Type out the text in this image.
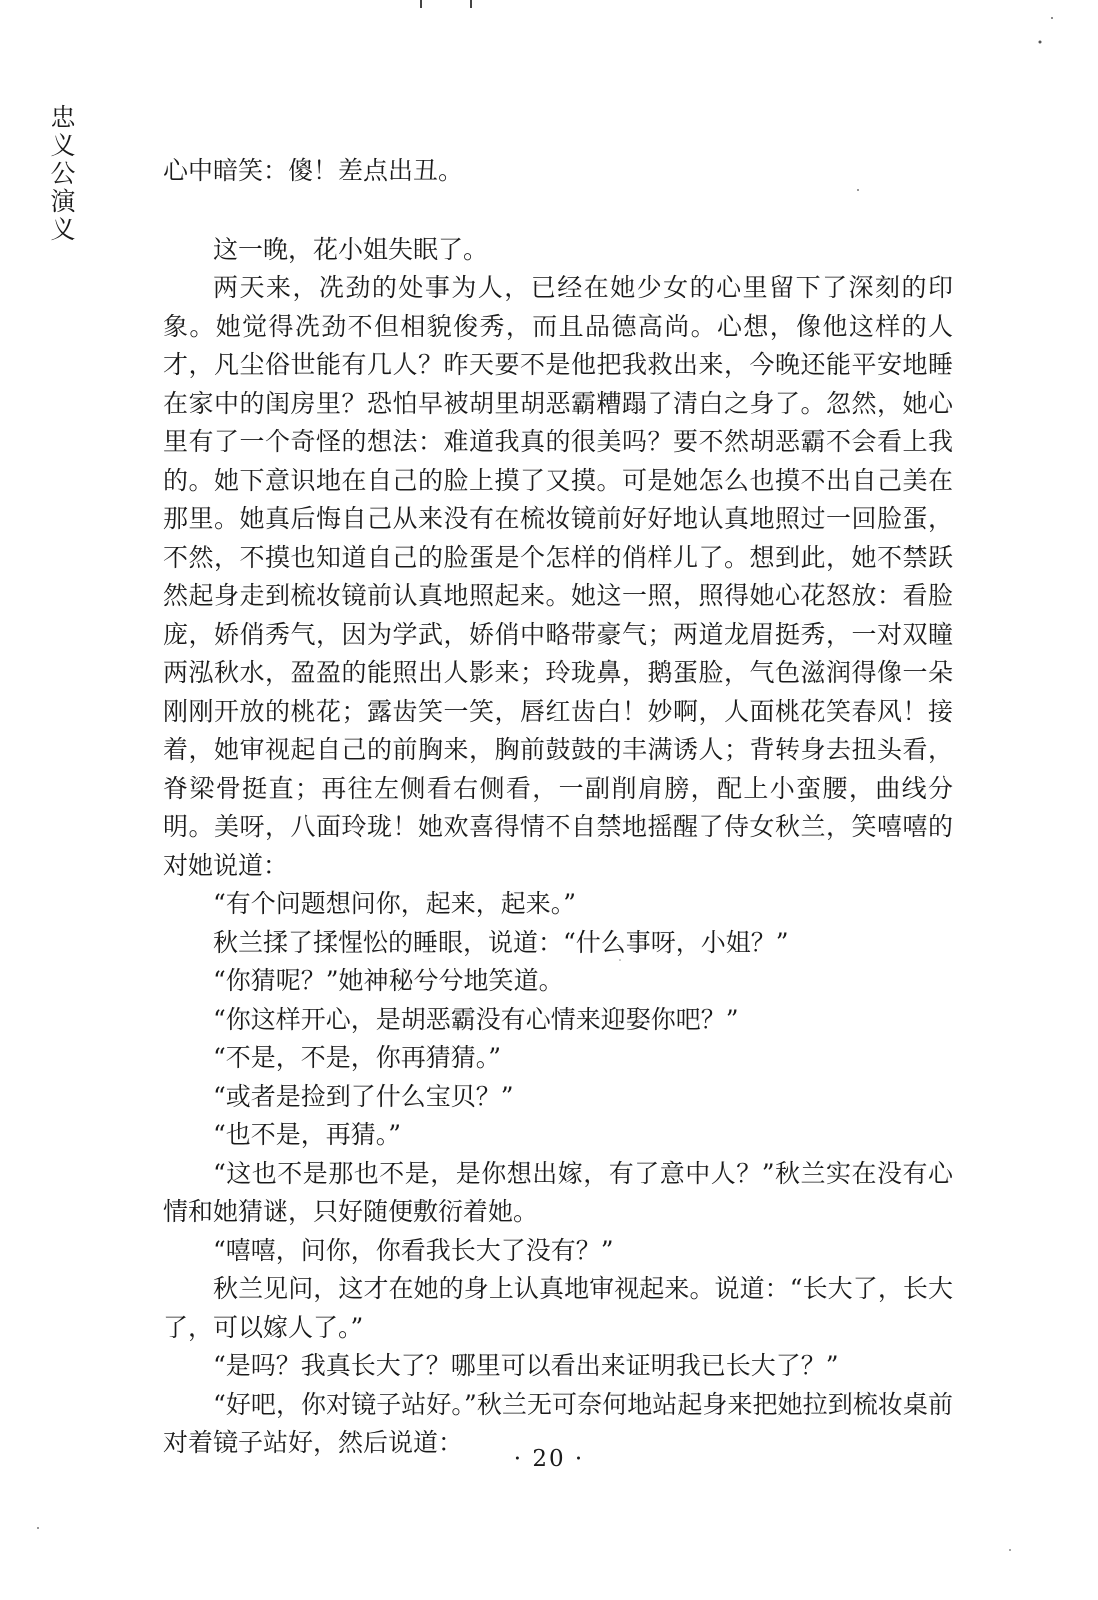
忠
义
公
演
义

心中暗笑：傻！差点出丑。

这一晚，花小姐失眠了。

两天来，冼劲的处事为人，已经在她少女的心里留下了深刻的印象。她觉得冼劲不但相貌俊秀，而且品德高尚。心想，像他这样的人才，凡尘俗世能有几人？昨天要不是他把我救出来，今晚还能平安地睡在家中的闺房里？恐怕早被胡里胡恶霸糟蹋了清白之身了。忽然，她心里有了一个奇怪的想法：难道我真的很美吗？要不然胡恶霸不会看上我的。她下意识地在自己的脸上摸了又摸。可是她怎么也摸不出自己美在那里。她真后悔自己从来没有在梳妆镜前好好地认真地照过一回脸蛋，不然，不摸也知道自己的脸蛋是个怎样的俏样儿了。想到此，她不禁跃然起身走到梳妆镜前认真地照起来。她这一照，照得她心花怒放：看脸庞，娇俏秀气，因为学武，娇俏中略带豪气；两道龙眉挺秀，一对双瞳两泓秋水，盈盈的能照出人影来；玲珑鼻，鹅蛋脸，气色滋润得像一朵刚刚开放的桃花；露齿笑一笑，唇红齿白！妙啊，人面桃花笑春风！接着，她审视起自己的前胸来，胸前鼓鼓的丰满诱人；背转身去扭头看，脊梁骨挺直；再往左侧看右侧看，一副削肩膀，配上小蛮腰，曲线分明。美呀，八面玲珑！她欢喜得情不自禁地摇醒了侍女秋兰，笑嘻嘻的对她说道：

“有个问题想问你，起来，起来。”

秋兰揉了揉惺忪的睡眼，说道：“什么事呀，小姐？”

“你猜呢？”她神秘兮兮地笑道。

“你这样开心，是胡恶霸没有心情来迎娶你吧？”

“不是，不是，你再猜猜。”

“或者是捡到了什么宝贝？”

“也不是，再猜。”

“这也不是那也不是，是你想出嫁，有了意中人？”秋兰实在没有心情和她猜谜，只好随便敷衍着她。

“嘻嘻，问你，你看我长大了没有？”

秋兰见问，这才在她的身上认真地审视起来。说道：“长大了，长大了，可以嫁人了。”

“是吗？我真长大了？哪里可以看出来证明我已长大了？”

“好吧，你对镜子站好。”秋兰无可奈何地站起身来把她拉到梳妆桌前对着镜子站好，然后说道：

· 20 ·
